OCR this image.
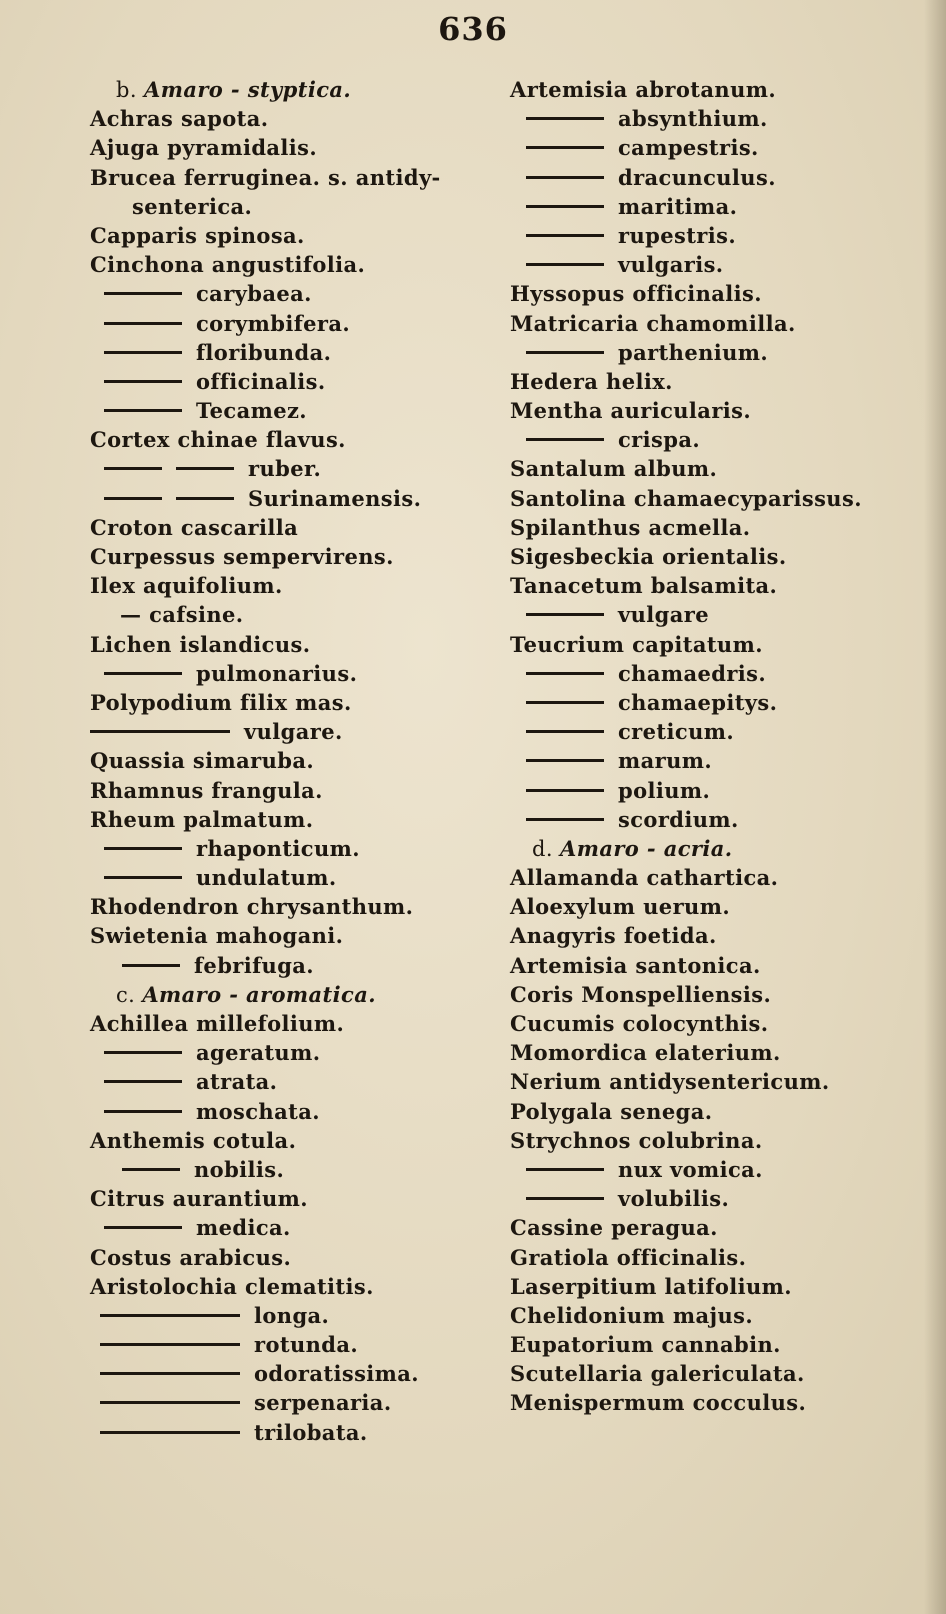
636
b. Amaro - styptica.
Achras sapota.
Ajuga pyramidalis.
Brucea ferruginea. s. antidy-
senterica.
Capparis spinosa.
Cinchona angustifolia.
carybaea.
corymbifera.
floribunda.
officinalis.
Tecamez.
Cortex chinae flavus.
ruber.
Surinamensis.
Croton cascarilla
Curpessus sempervirens.
Ilex aquifolium.
— cafsine.
Lichen islandicus.
pulmonarius.
Polypodium filix mas.
vulgare.
Quassia simaruba.
Rhamnus frangula.
Rheum palmatum.
rhaponticum.
undulatum.
Rhodendron chrysanthum.
Swietenia mahogani.
febrifuga.
c. Amaro - aromatica.
Achillea millefolium.
ageratum.
atrata.
moschata.
Anthemis cotula.
nobilis.
Citrus aurantium.
medica.
Costus arabicus.
Aristolochia clematitis.
longa.
rotunda.
odoratissima.
serpenaria.
trilobata.
Artemisia abrotanum.
absynthium.
campestris.
dracunculus.
maritima.
rupestris.
vulgaris.
Hyssopus officinalis.
Matricaria chamomilla.
parthenium.
Hedera helix.
Mentha auricularis.
crispa.
Santalum album.
Santolina chamaecyparissus.
Spilanthus acmella.
Sigesbeckia orientalis.
Tanacetum balsamita.
vulgare
Teucrium capitatum.
chamaedris.
chamaepitys.
creticum.
marum.
polium.
scordium.
d. Amaro - acria.
Allamanda cathartica.
Aloexylum uerum.
Anagyris foetida.
Artemisia santonica.
Coris Monspelliensis.
Cucumis colocynthis.
Momordica elaterium.
Nerium antidysentericum.
Polygala senega.
Strychnos colubrina.
nux vomica.
volubilis.
Cassine peragua.
Gratiola officinalis.
Laserpitium latifolium.
Chelidonium majus.
Eupatorium cannabin.
Scutellaria galericulata.
Menispermum cocculus.
